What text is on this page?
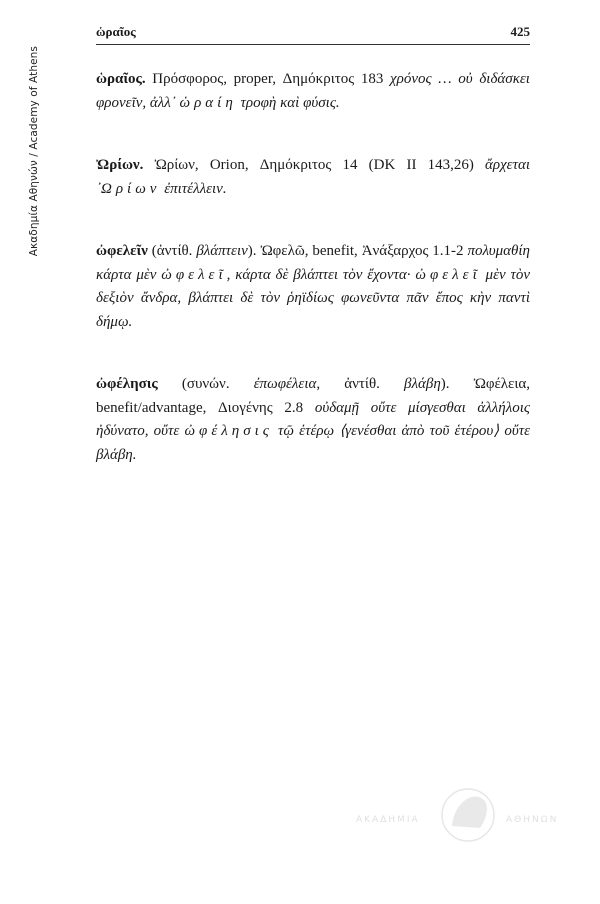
Ακαδημία Αθηνών / Academy of Athens
ὡραῖος	425

ὡραῖος. Πρόσφορος, proper, Δημόκριτος 183 χρόνος … οὐ διδάσκει φρονεῖν, ἀλλ᾽ ὡραίη τροφὴ καὶ φύσις.

Ὠρίων. Ὠρίων, Orion, Δημόκριτος 14 (DK II 143,26) ἄρχεται ᾽Ωρίων ἐπιτέλλειν.

ὠφελεῖν (ἀντίθ. βλάπτειν). Ὠφελῶ, benefit, Ἀνάξαρχος 1.1-2 πολυμαθίη κάρτα μὲν ὠφελεῖ, κάρτα δὲ βλάπτει τὸν ἔχοντα· ὠφελεῖ μὲν τὸν δεξιὸν ἄνδρα, βλάπτει δὲ τὸν ῥηϊδίως φωνεῦντα πᾶν ἔπος κὴν παντὶ δήμῳ.

ὠφέλησις (συνών. ἐπωφέλεια, ἀντίθ. βλάβη). Ὠφέλεια, benefit/advantage, Διογένης 2.8 οὐδαμῇ οὔτε μίσγεσθαι ἀλλήλοις ἠδύνατο, οὔτε ὠφέλησις τῷ ἑτέρῳ ⟨γενέσθαι ἀπὸ τοῦ ἑτέρου⟩ οὔτε βλάβη.

ΑΚΑΔΗΜΙΑ	ΑΘΗΝΩΝ
